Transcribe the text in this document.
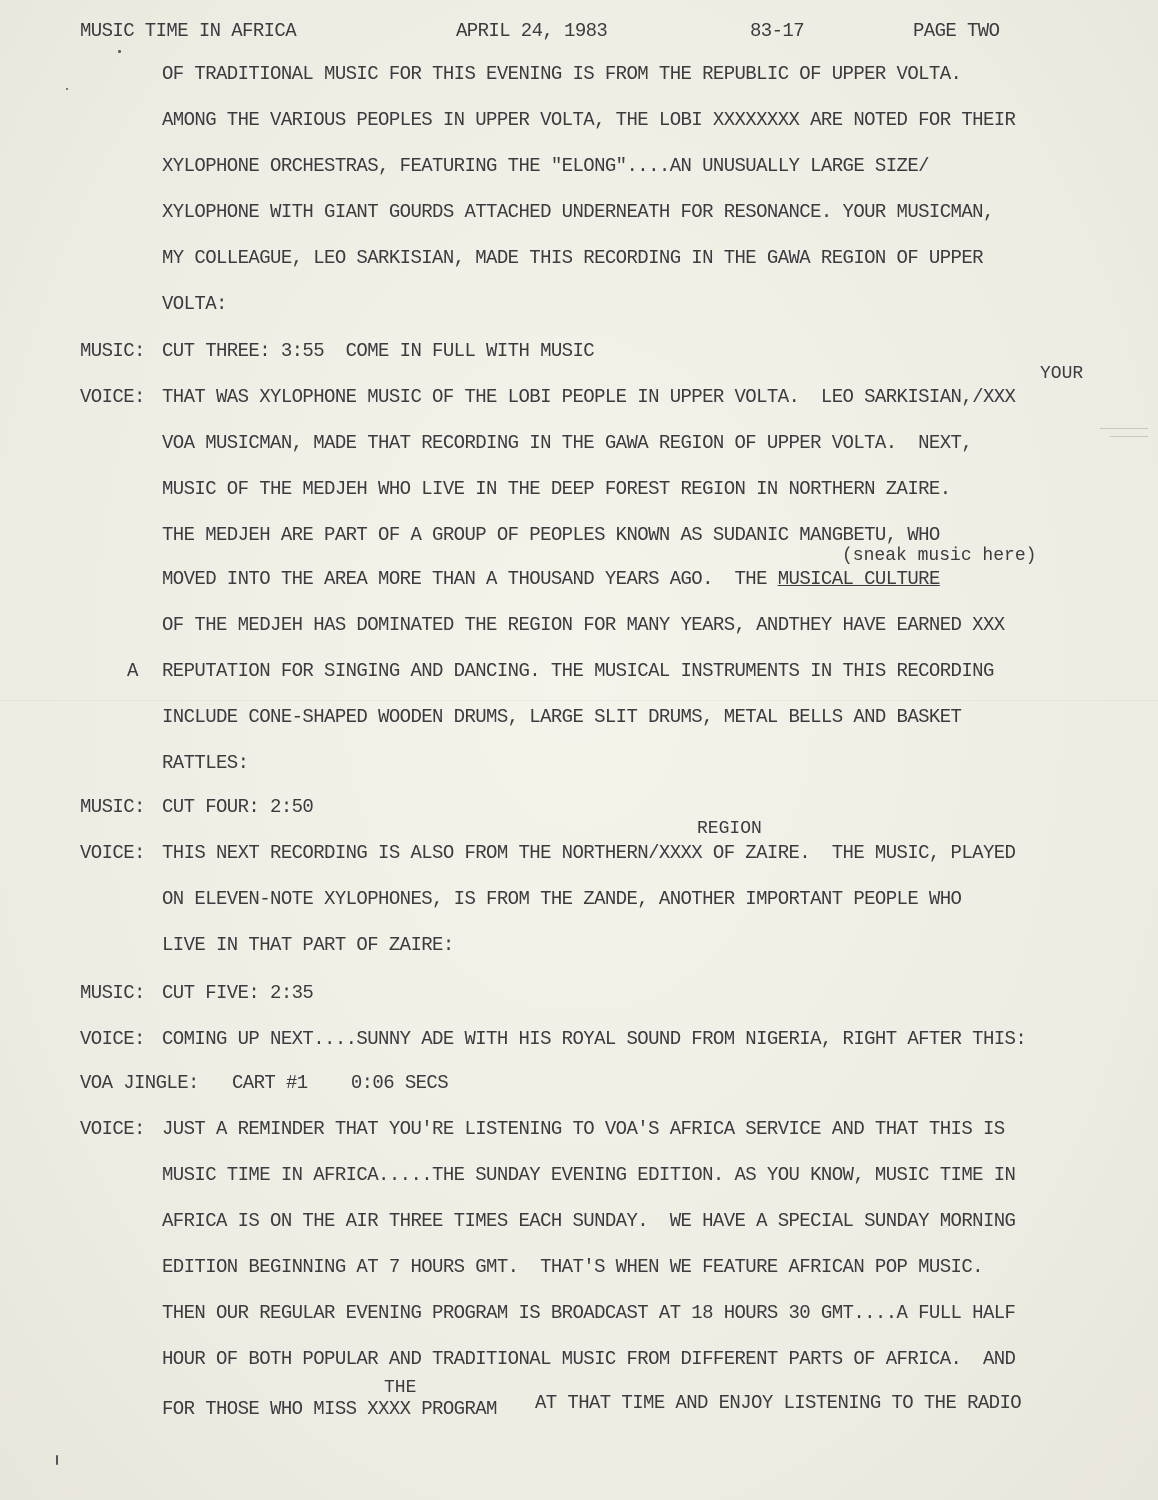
MUSIC TIME IN AFRICA	APRIL 24, 1983	83-17	PAGE TWO
OF TRADITIONAL MUSIC FOR THIS EVENING IS FROM THE REPUBLIC OF UPPER VOLTA.
AMONG THE VARIOUS PEOPLES IN UPPER VOLTA, THE LOBI XXXXXXXX ARE NOTED FOR THEIR
XYLOPHONE ORCHESTRAS, FEATURING THE "ELONG"....AN UNUSUALLY LARGE SIZE/
XYLOPHONE WITH GIANT GOURDS ATTACHED UNDERNEATH FOR RESONANCE. YOUR MUSICMAN,
MY COLLEAGUE, LEO SARKISIAN, MADE THIS RECORDING IN THE GAWA REGION OF UPPER
VOLTA:
MUSIC: CUT THREE: 3:55  COME IN FULL WITH MUSIC
YOUR
VOICE: THAT WAS XYLOPHONE MUSIC OF THE LOBI PEOPLE IN UPPER VOLTA.  LEO SARKISIAN,/XXX
VOA MUSICMAN, MADE THAT RECORDING IN THE GAWA REGION OF UPPER VOLTA.  NEXT,
MUSIC OF THE MEDJEH WHO LIVE IN THE DEEP FOREST REGION IN NORTHERN ZAIRE.
THE MEDJEH ARE PART OF A GROUP OF PEOPLES KNOWN AS SUDANIC MANGBETU, WHO
(sneak music here)
MOVED INTO THE AREA MORE THAN A THOUSAND YEARS AGO.  THE MUSICAL CULTURE
OF THE MEDJEH HAS DOMINATED THE REGION FOR MANY YEARS, ANDTHEY HAVE EARNED XXX
A REPUTATION FOR SINGING AND DANCING. THE MUSICAL INSTRUMENTS IN THIS RECORDING
INCLUDE CONE-SHAPED WOODEN DRUMS, LARGE SLIT DRUMS, METAL BELLS AND BASKET
RATTLES:
MUSIC: CUT FOUR: 2:50
REGION
VOICE: THIS NEXT RECORDING IS ALSO FROM THE NORTHERN/XXXX OF ZAIRE.  THE MUSIC, PLAYED
ON ELEVEN-NOTE XYLOPHONES, IS FROM THE ZANDE, ANOTHER IMPORTANT PEOPLE WHO
LIVE IN THAT PART OF ZAIRE:
MUSIC: CUT FIVE: 2:35
VOICE: COMING UP NEXT....SUNNY ADE WITH HIS ROYAL SOUND FROM NIGERIA, RIGHT AFTER THIS:
VOA JINGLE: CART #1    0:06 SECS
VOICE: JUST A REMINDER THAT YOU'RE LISTENING TO VOA'S AFRICA SERVICE AND THAT THIS IS
MUSIC TIME IN AFRICA.....THE SUNDAY EVENING EDITION. AS YOU KNOW, MUSIC TIME IN
AFRICA IS ON THE AIR THREE TIMES EACH SUNDAY.  WE HAVE A SPECIAL SUNDAY MORNING
EDITION BEGINNING AT 7 HOURS GMT.  THAT'S WHEN WE FEATURE AFRICAN POP MUSIC.
THEN OUR REGULAR EVENING PROGRAM IS BROADCAST AT 18 HOURS 30 GMT....A FULL HALF
HOUR OF BOTH POPULAR AND TRADITIONAL MUSIC FROM DIFFERENT PARTS OF AFRICA.  AND
THE
FOR THOSE WHO MISS XXXX PROGRAM AT THAT TIME AND ENJOY LISTENING TO THE RADIO
